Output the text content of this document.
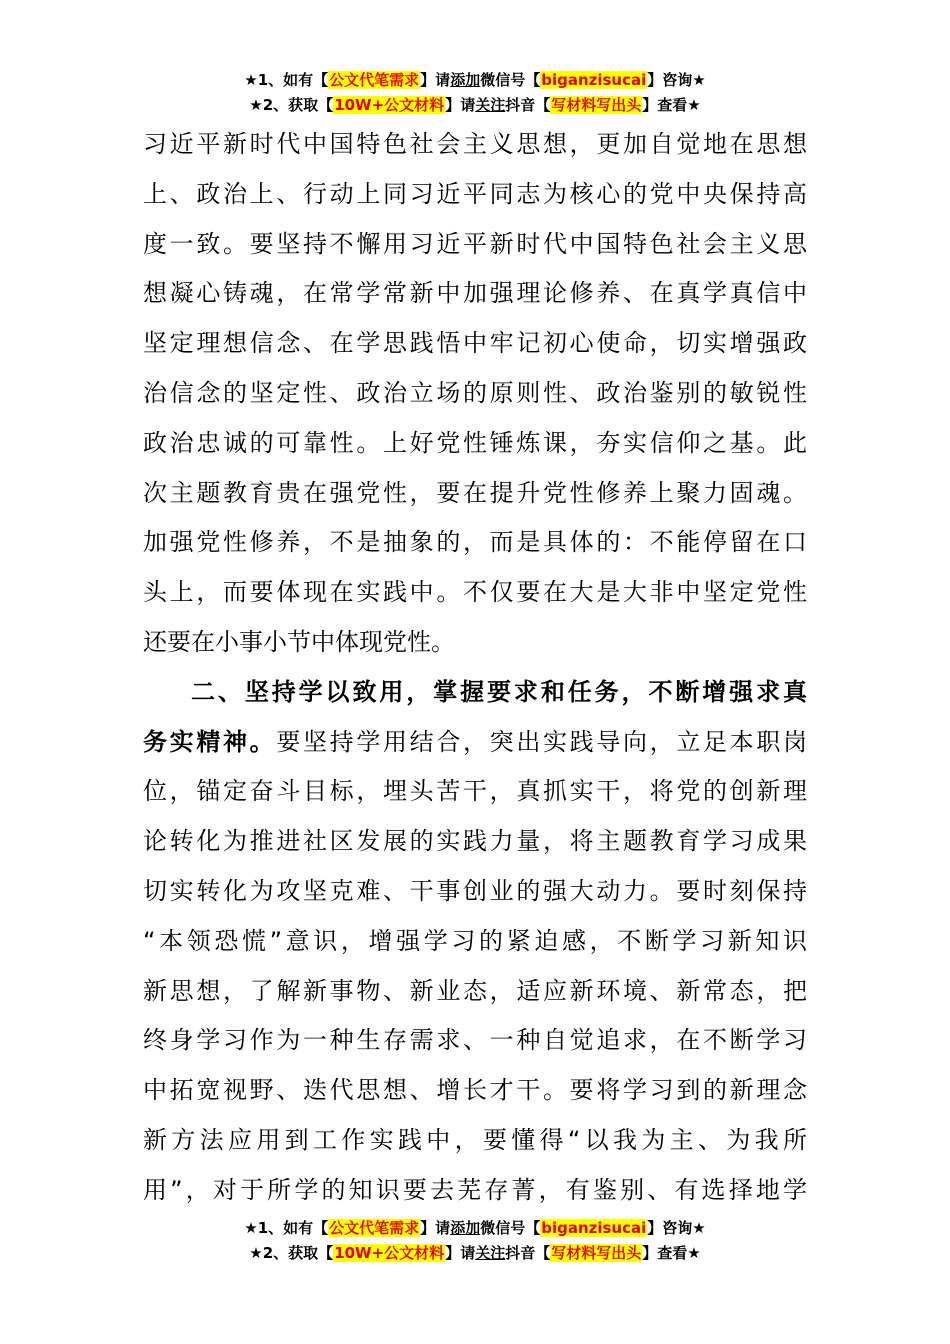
★1、如有【公文代笔需求】请添加微信号【biganzisucai】咨询★
★2、获取【10W+公文材料】请关注抖音【写材料写出头】查看★
习近平新时代中国特色社会主义思想，更加自觉地在思想
上、政治上、行动上同习近平同志为核心的党中央保持高
度一致。要坚持不懈用习近平新时代中国特色社会主义思
想凝心铸魂，在常学常新中加强理论修养、在真学真信中
坚定理想信念、在学思践悟中牢记初心使命，切实增强政
治信念的坚定性、政治立场的原则性、政治鉴别的敏锐性
政治忠诚的可靠性。上好党性锤炼课，夯实信仰之基。此
次主题教育贵在强党性，要在提升党性修养上聚力固魂。
加强党性修养，不是抽象的，而是具体的：不能停留在口
头上，而要体现在实践中。不仅要在大是大非中坚定党性
还要在小事小节中体现党性。
二、坚持学以致用，掌握要求和任务，不断增强求真
务实精神。要坚持学用结合，突出实践导向，立足本职岗
位，锚定奋斗目标，埋头苦干，真抓实干，将党的创新理
论转化为推进社区发展的实践力量，将主题教育学习成果
切实转化为攻坚克难、干事创业的强大动力。要时刻保持
“本领恐慌”意识，增强学习的紧迫感，不断学习新知识
新思想，了解新事物、新业态，适应新环境、新常态，把
终身学习作为一种生存需求、一种自觉追求，在不断学习
中拓宽视野、迭代思想、增长才干。要将学习到的新理念
新方法应用到工作实践中，要懂得“以我为主、为我所
用”，对于所学的知识要去芜存菁，有鉴别、有选择地学
★1、如有【公文代笔需求】请添加微信号【biganzisucai】咨询★
★2、获取【10W+公文材料】请关注抖音【写材料写出头】查看★
